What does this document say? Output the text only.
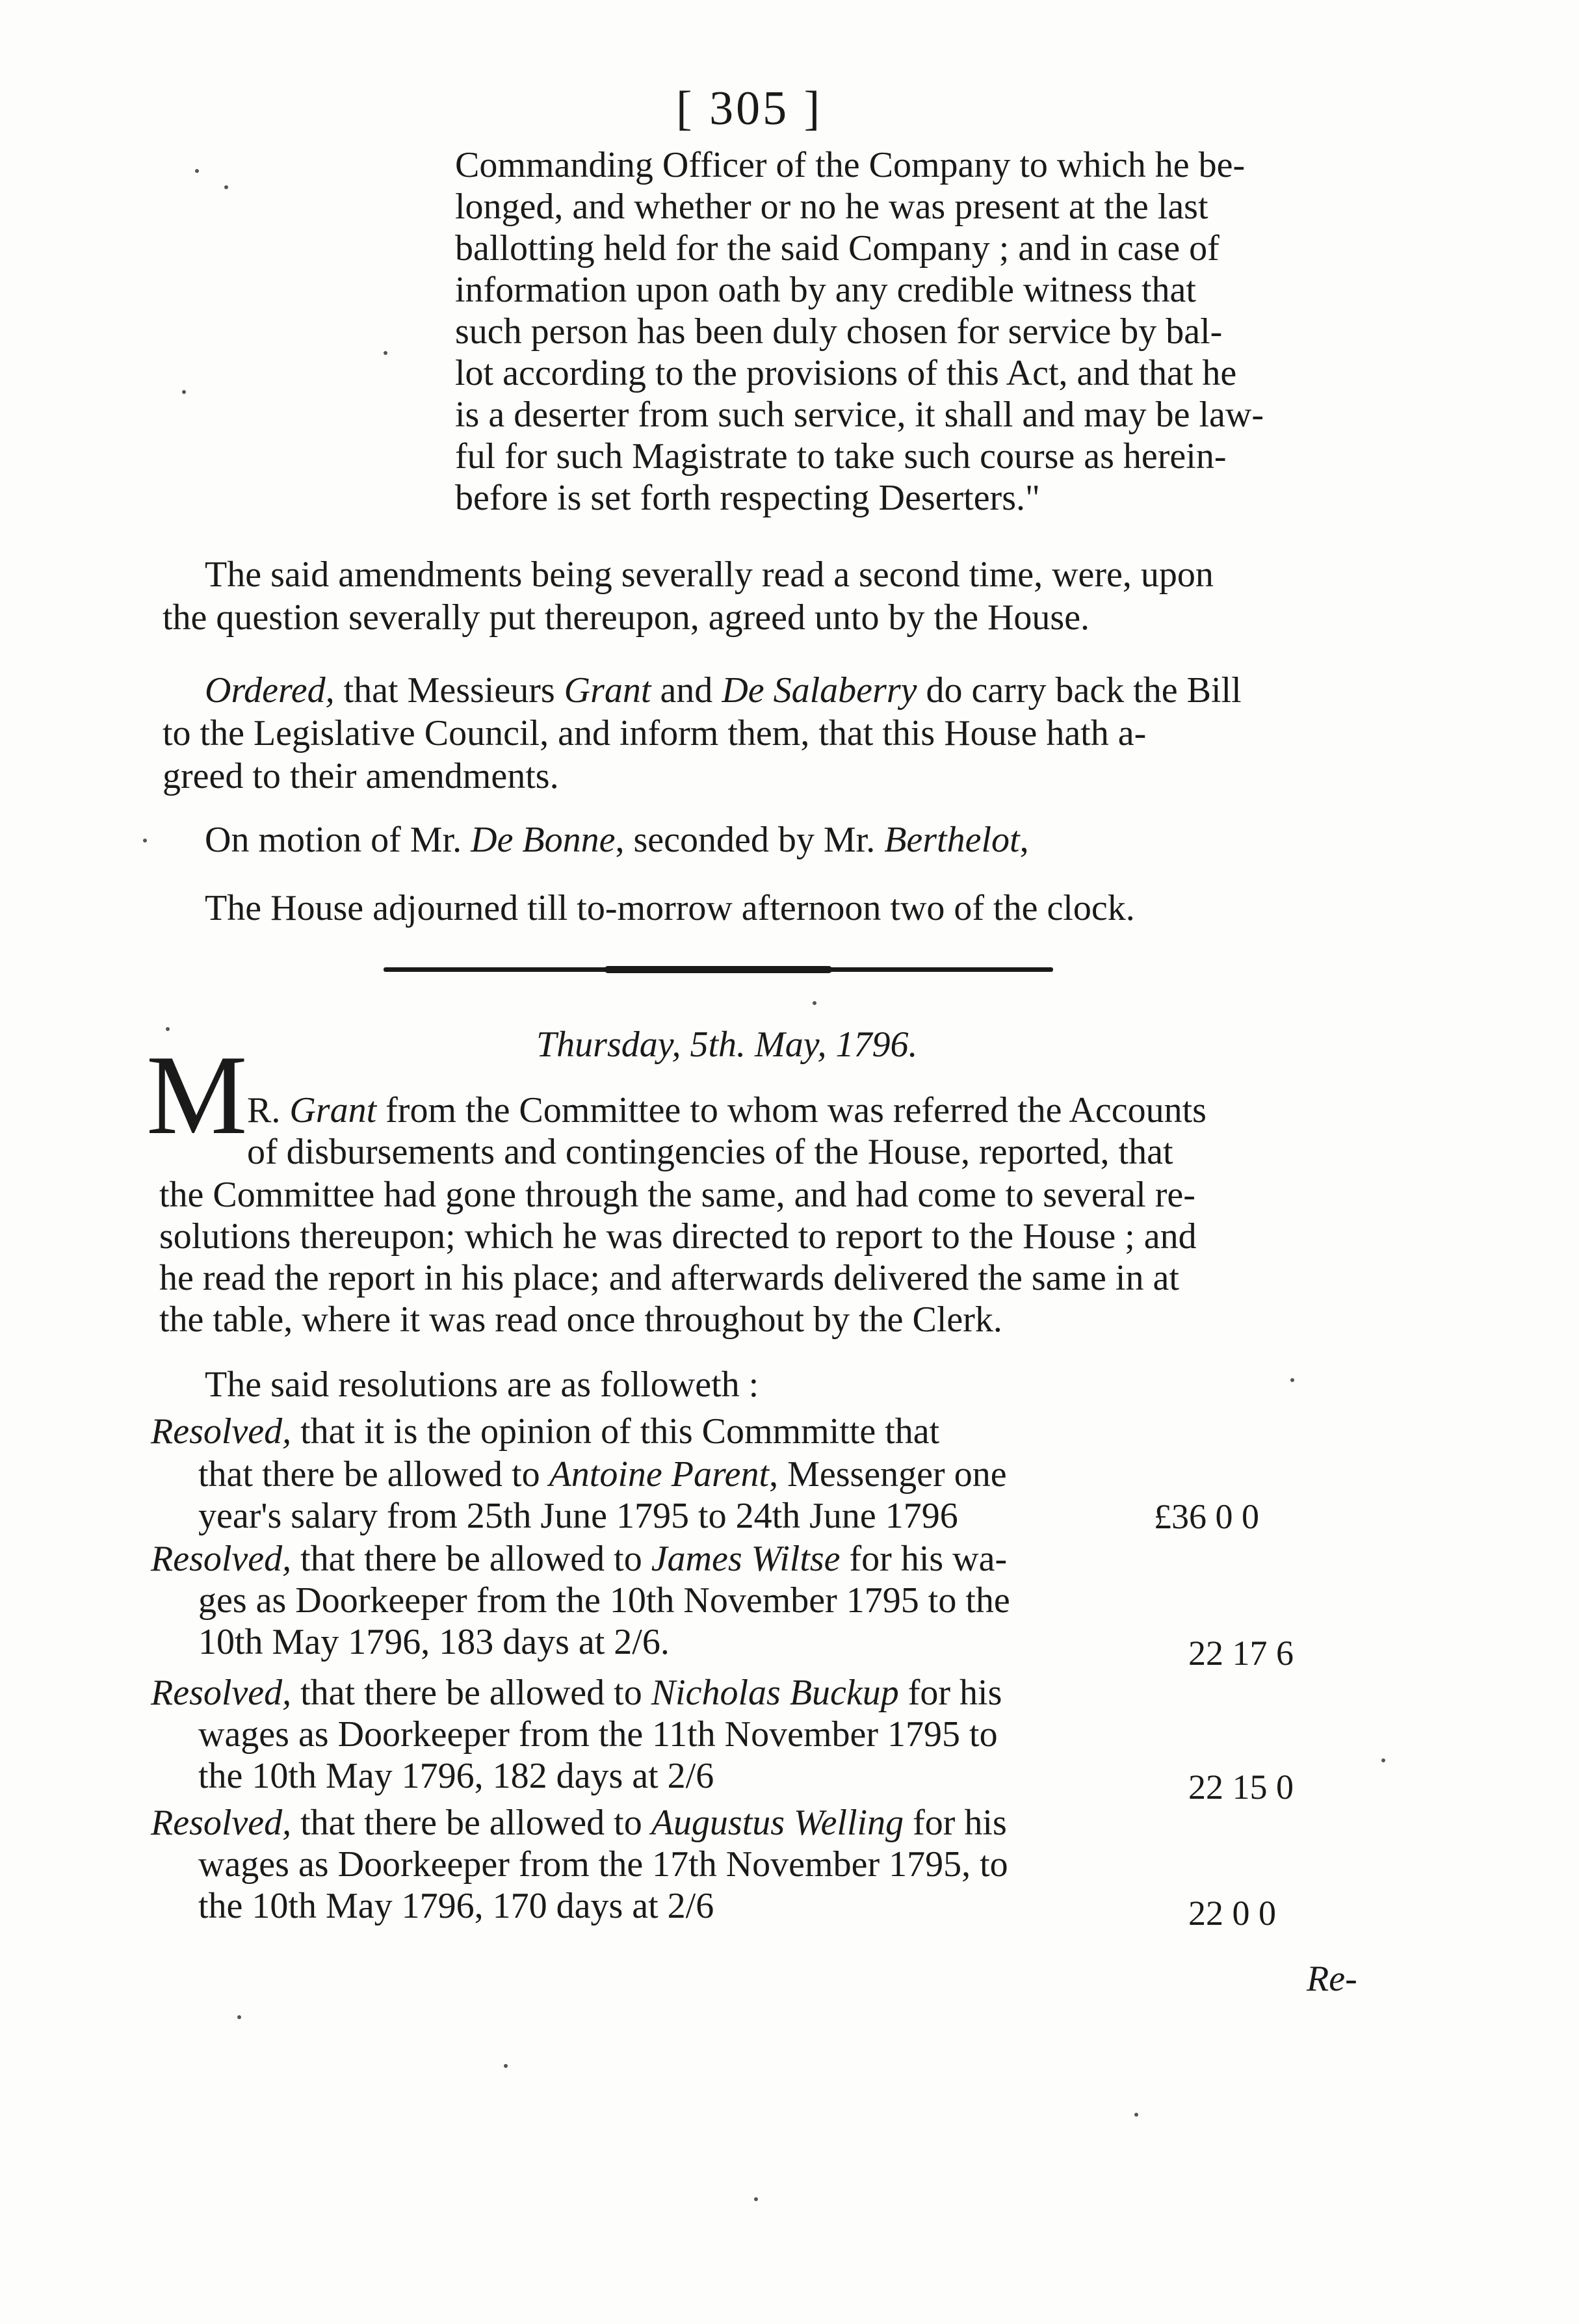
[ 305 ]
Commanding Officer of the Company to which he be-
longed, and whether or no he was present at the last
ballotting held for the said Company ; and in case of
information upon oath by any credible witness that
such person has been duly chosen for service by bal-
lot according to the provisions of this Act, and that he
is a deserter from such service, it shall and may be law-
ful for such Magistrate to take such course as herein-
before is set forth respecting Deserters."
The said amendments being severally read a second time, were, upon
the question severally put thereupon, agreed unto by the House.
Ordered, that Messieurs Grant and De Salaberry do carry back the Bill
to the Legislative Council, and inform them, that this House hath a-
greed to their amendments.
On motion of Mr. De Bonne, seconded by Mr. Berthelot,
The House adjourned till to-morrow afternoon two of the clock.
Thursday, 5th. May, 1796.
M R. Grant from the Committee to whom was referred the Accounts
of disbursements and contingencies of the House, reported, that
the Committee had gone through the same, and had come to several re-
solutions thereupon; which he was directed to report to the House ; and
he read the report in his place; and afterwards delivered the same in at
the table, where it was read once throughout by the Clerk.
The said resolutions are as followeth :
Resolved, that it is the opinion of this Commmitte that
that there be allowed to Antoine Parent, Messenger one
year's salary from 25th June 1795 to 24th June 1796	£36 0 0
Resolved, that there be allowed to James Wiltse for his wa-
ges as Doorkeeper from the 10th November 1795 to the
10th May 1796, 183 days at 2/6.	22 17 6
Resolved, that there be allowed to Nicholas Buckup for his
wages as Doorkeeper from the 11th November 1795 to
the 10th May 1796, 182 days at 2/6	22 15 0
Resolved, that there be allowed to Augustus Welling for his
wages as Doorkeeper from the 17th November 1795, to
the 10th May 1796, 170 days at 2/6	22 0 0
Re-
